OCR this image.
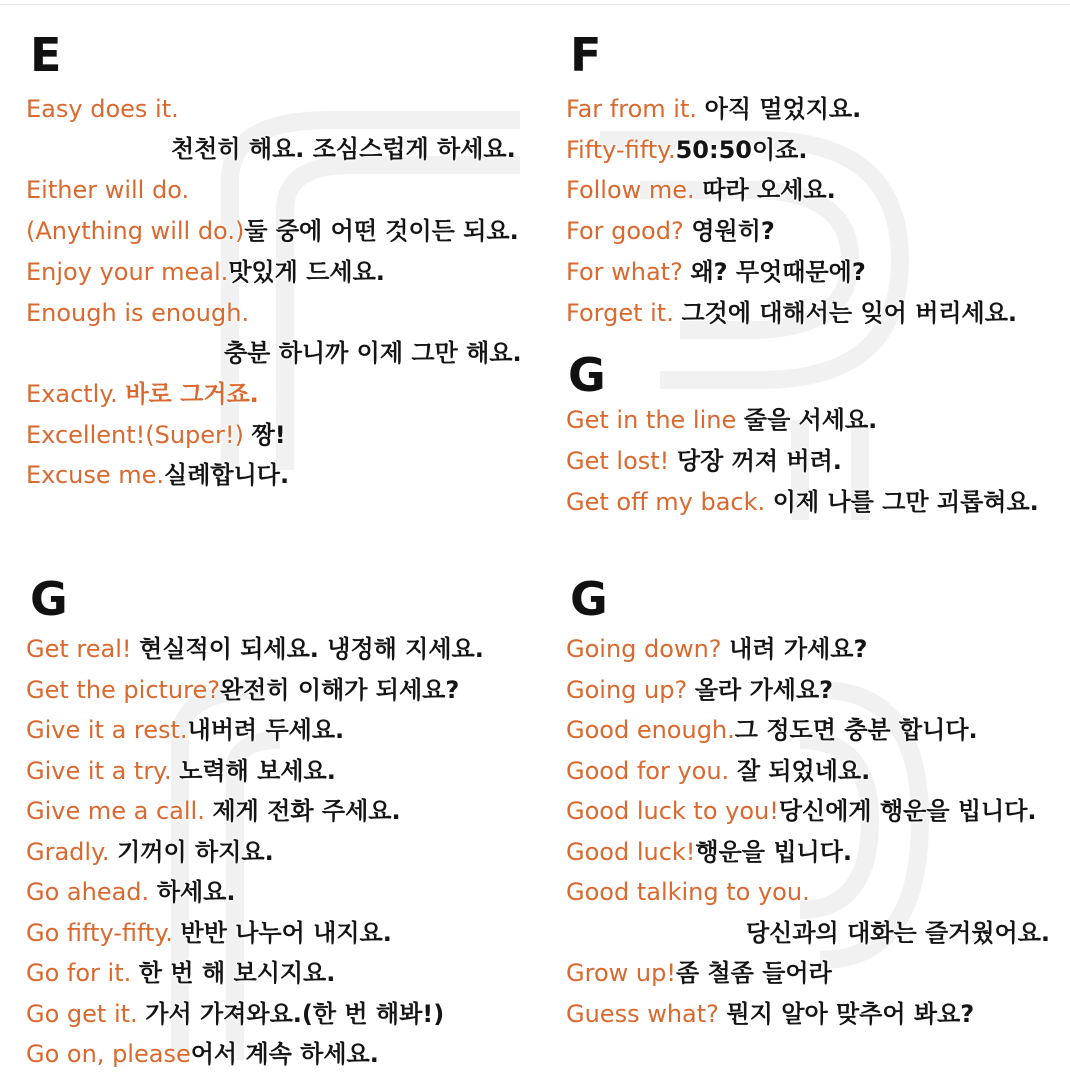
E
Easy does it.
천천히 해요. 조심스럽게 하세요.
Either will do.
(Anything will do.)둘 중에 어떤 것이든 되요.
Enjoy your meal.맛있게 드세요.
Enough is enough.
충분 하니까 이제 그만 해요.
Exactly. 바로 그거죠.
Excellent!(Super!) 짱!
Excuse me.실례합니다.
F
Far from it. 아직 멀었지요.
Fifty-fifty.50:50이죠.
Follow me. 따라 오세요.
For good? 영원히?
For what? 왜? 무엇때문에?
Forget it. 그것에 대해서는 잊어 버리세요.
G
Get in the line 줄을 서세요.
Get lost! 당장 꺼져 버려.
Get off my back. 이제 나를 그만 괴롭혀요.
G
Get real! 현실적이 되세요. 냉정해 지세요.
Get the picture?완전히 이해가 되세요?
Give it a rest.내버려 두세요.
Give it a try. 노력해 보세요.
Give me a call. 제게 전화 주세요.
Gradly. 기꺼이 하지요.
Go ahead. 하세요.
Go fifty-fifty. 반반 나누어 내지요.
Go for it. 한 번 해 보시지요.
Go get it. 가서 가져와요.(한 번 해봐!)
Go on, please어서 계속 하세요.
G
Going down? 내려 가세요?
Going up? 올라 가세요?
Good enough.그 정도면 충분 합니다.
Good for you. 잘 되었네요.
Good luck to you!당신에게 행운을 빕니다.
Good luck!행운을 빕니다.
Good talking to you.
당신과의 대화는 즐거웠어요.
Grow up!좀 철좀 들어라
Guess what? 뭔지 알아 맞추어 봐요?
